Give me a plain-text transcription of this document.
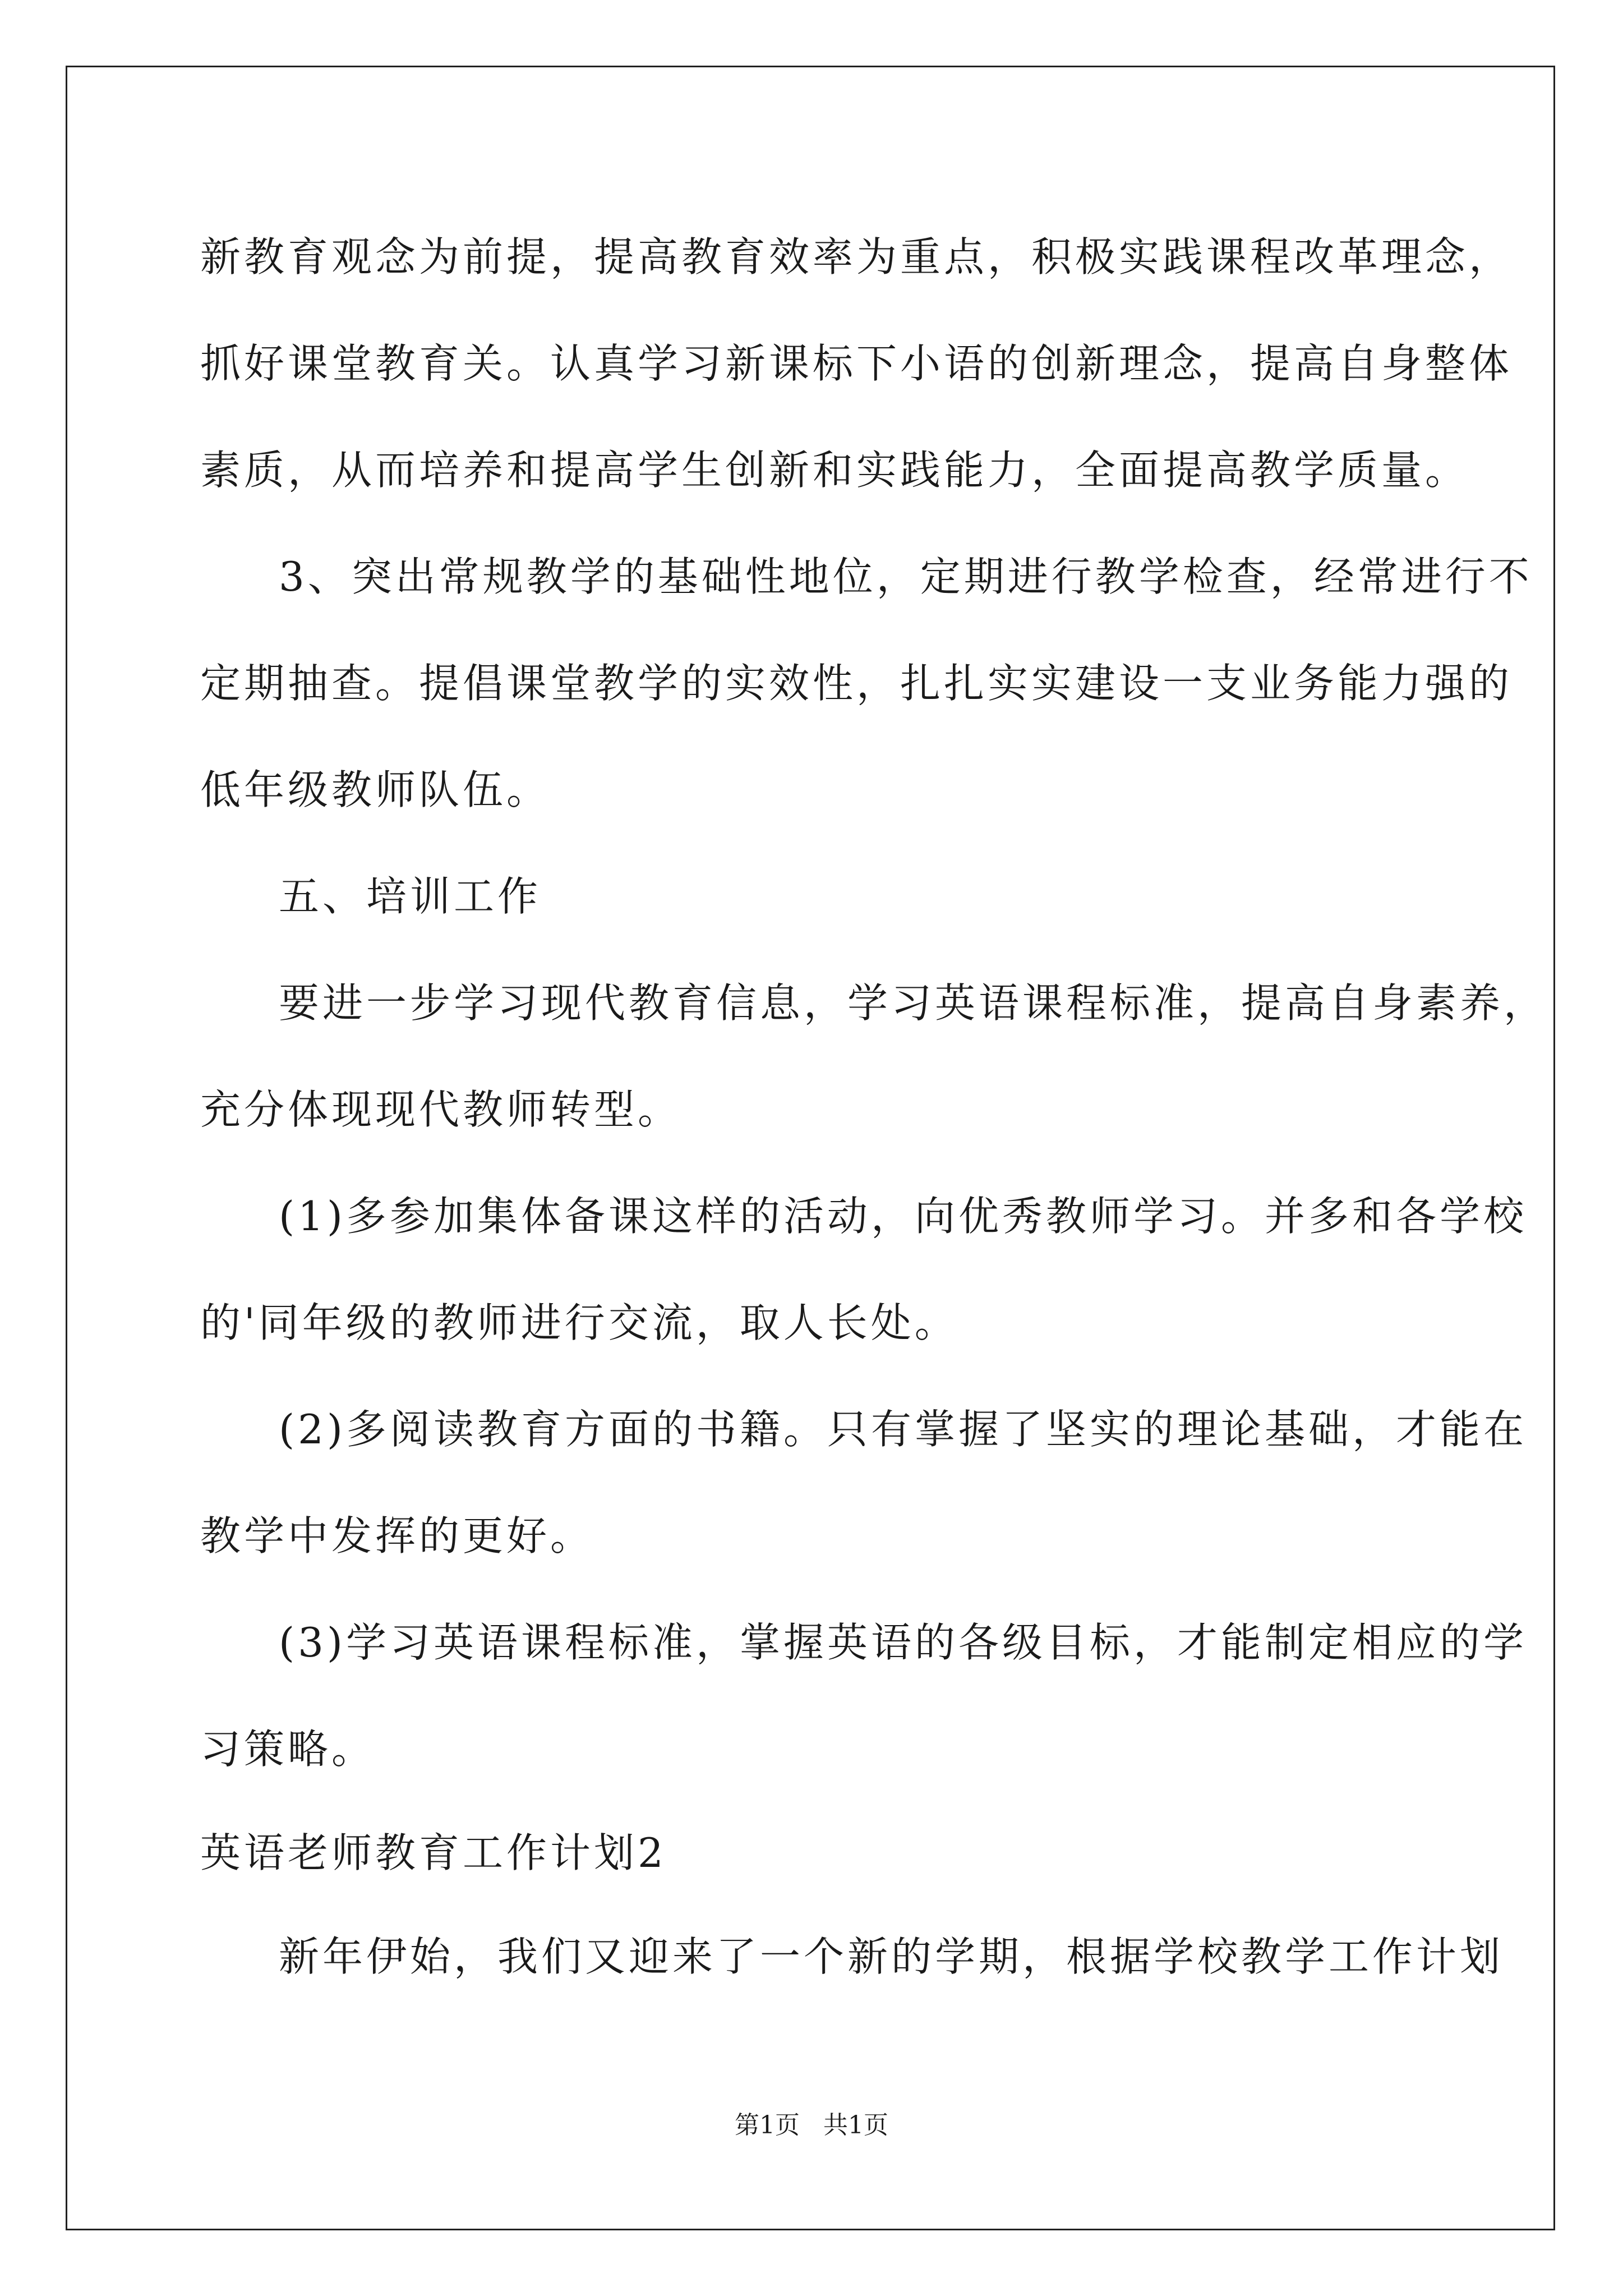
新教育观念为前提，提高教育效率为重点，积极实践课程改革理念，
抓好课堂教育关。认真学习新课标下小语的创新理念，提高自身整体
素质，从而培养和提高学生创新和实践能力，全面提高教学质量。
3、突出常规教学的基础性地位，定期进行教学检查，经常进行不
定期抽查。提倡课堂教学的实效性，扎扎实实建设一支业务能力强的
低年级教师队伍。
五、培训工作
要进一步学习现代教育信息，学习英语课程标准，提高自身素养，
充分体现现代教师转型。
(1)多参加集体备课这样的活动，向优秀教师学习。并多和各学校
的'同年级的教师进行交流，取人长处。
(2)多阅读教育方面的书籍。只有掌握了坚实的理论基础，才能在
教学中发挥的更好。
(3)学习英语课程标准，掌握英语的各级目标，才能制定相应的学
习策略。
英语老师教育工作计划2
新年伊始，我们又迎来了一个新的学期，根据学校教学工作计划
第1页   共1页
